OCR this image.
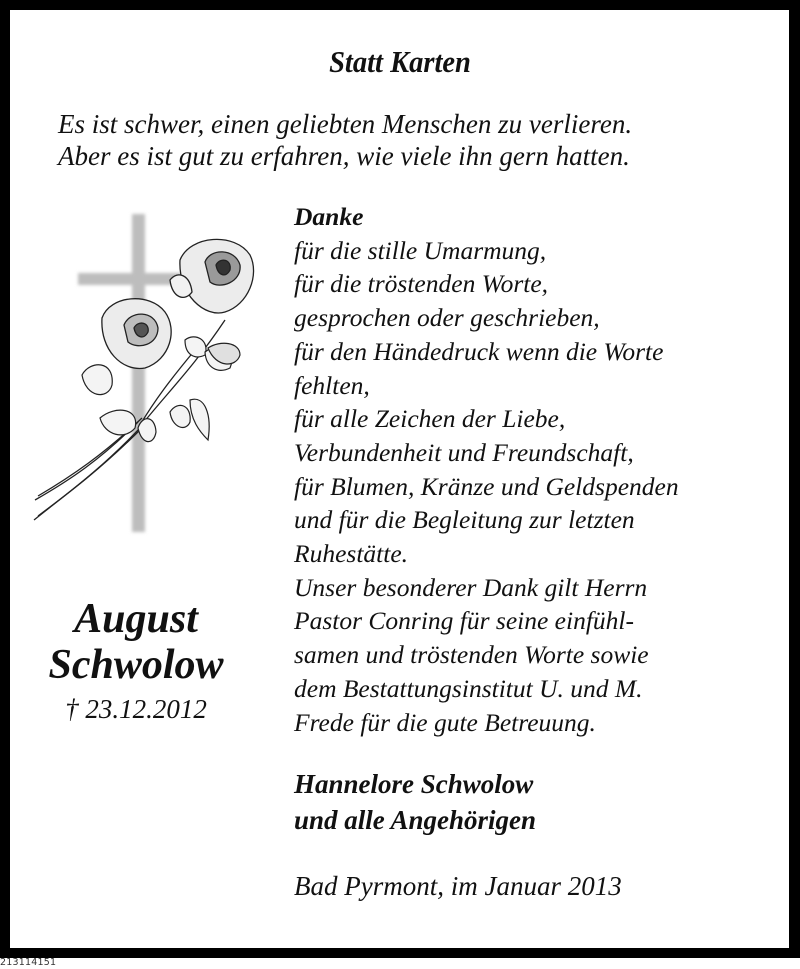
Statt Karten
Es ist schwer, einen geliebten Menschen zu verlieren.
Aber es ist gut zu erfahren, wie viele ihn gern hatten.
Danke
für die stille Umarmung,
für die tröstenden Worte,
gesprochen oder geschrieben,
für den Händedruck wenn die Worte
fehlten,
für alle Zeichen der Liebe,
Verbundenheit und Freundschaft,
für Blumen, Kränze und Geldspenden
und für die Begleitung zur letzten
Ruhestätte.
Unser besonderer Dank gilt Herrn
Pastor Conring für seine einfühl-
samen und tröstenden Worte sowie
dem Bestattungsinstitut U. und M.
Frede für die gute Betreuung.
August
Schwolow
† 23.12.2012
Hannelore Schwolow
und alle Angehörigen
Bad Pyrmont, im Januar 2013
213114151
